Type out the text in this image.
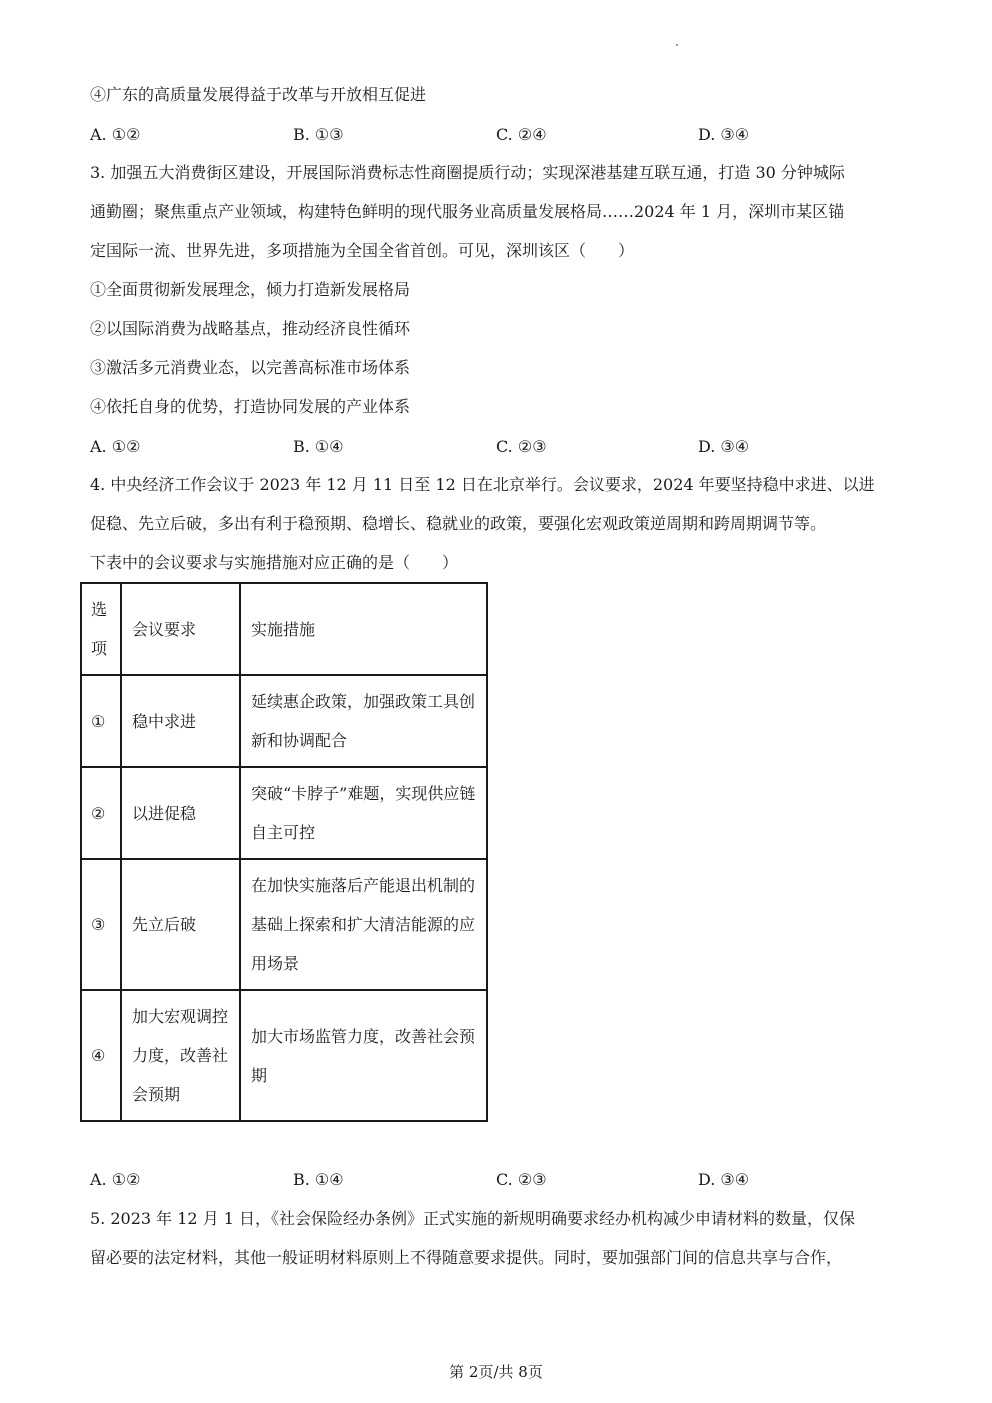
④广东的高质量发展得益于改革与开放相互促进
A. ①②	B. ①③	C. ②④	D. ③④
3. 加强五大消费街区建设，开展国际消费标志性商圈提质行动；实现深港基建互联互通，打造 30 分钟城际
通勤圈；聚焦重点产业领域，构建特色鲜明的现代服务业高质量发展格局……2024 年 1 月，深圳市某区锚
定国际一流、世界先进，多项措施为全国全省首创。可见，深圳该区（　　）
①全面贯彻新发展理念，倾力打造新发展格局
②以国际消费为战略基点，推动经济良性循环
③激活多元消费业态，以完善高标准市场体系
④依托自身的优势，打造协同发展的产业体系
A. ①②	B. ①④	C. ②③	D. ③④
4. 中央经济工作会议于 2023 年 12 月 11 日至 12 日在北京举行。会议要求，2024 年要坚持稳中求进、以进
促稳、先立后破，多出有利于稳预期、稳增长、稳就业的政策，要强化宏观政策逆周期和跨周期调节等。
下表中的会议要求与实施措施对应正确的是（　　）
选项	会议要求	实施措施
①	稳中求进	延续惠企政策，加强政策工具创新和协调配合
②	以进促稳	突破“卡脖子”难题，实现供应链自主可控
③	先立后破	在加快实施落后产能退出机制的基础上探索和扩大清洁能源的应用场景
④	加大宏观调控力度，改善社会预期	加大市场监管力度，改善社会预期
A. ①②	B. ①④	C. ②③	D. ③④
5. 2023 年 12 月 1 日，《社会保险经办条例》正式实施的新规明确要求经办机构减少申请材料的数量，仅保
留必要的法定材料，其他一般证明材料原则上不得随意要求提供。同时，要加强部门间的信息共享与合作，
第 2页/共 8页
